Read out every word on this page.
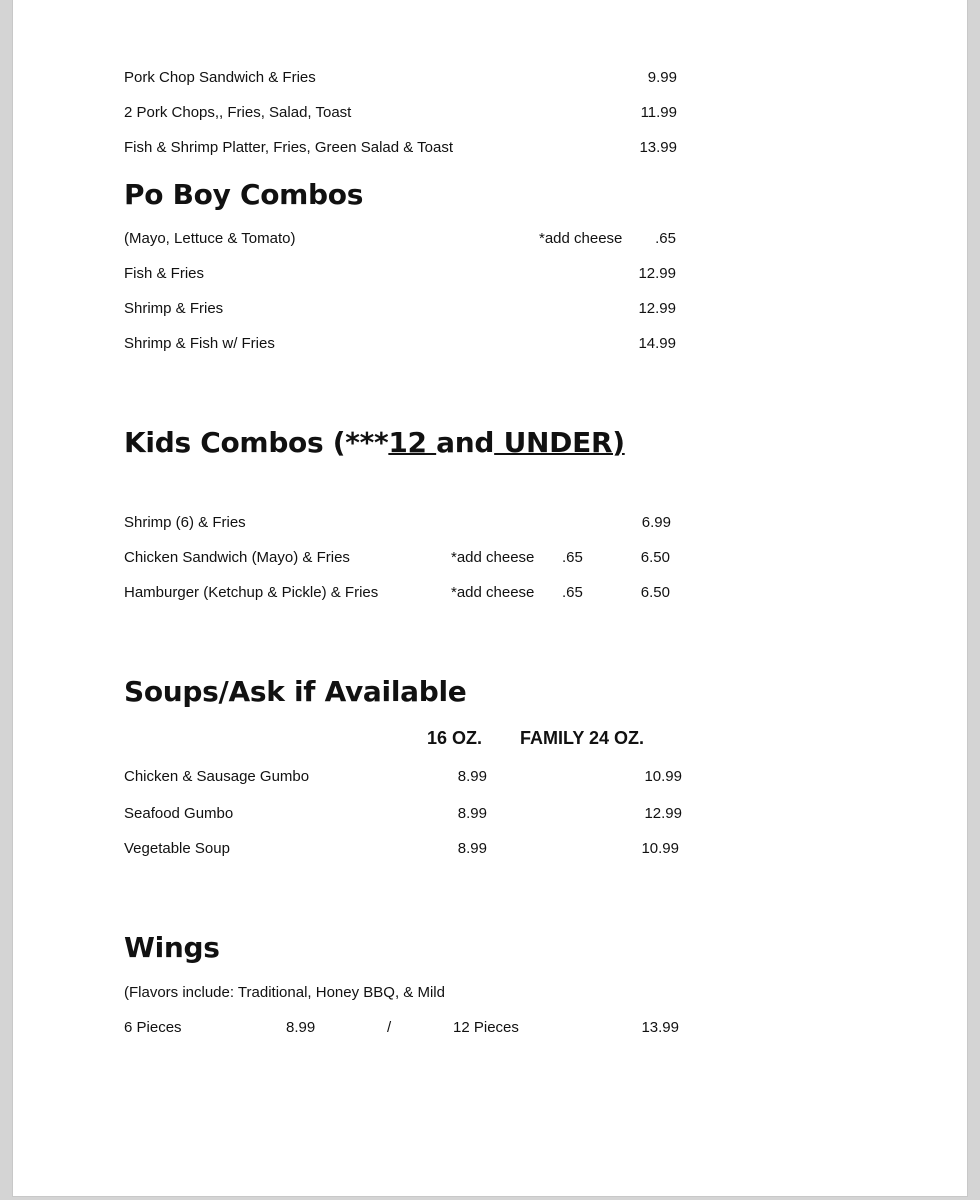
Pork Chop Sandwich & Fries	9.99
2 Pork Chops,, Fries, Salad, Toast	11.99
Fish & Shrimp Platter, Fries, Green Salad & Toast	13.99
Po Boy Combos
(Mayo, Lettuce & Tomato)	*add cheese	.65
Fish & Fries	12.99
Shrimp & Fries	12.99
Shrimp & Fish w/ Fries	14.99
Kids Combos (***12 and UNDER)
Shrimp (6) & Fries	6.99
Chicken Sandwich (Mayo) & Fries	*add cheese .65	6.50
Hamburger (Ketchup & Pickle) & Fries	*add cheese .65	6.50
Soups/Ask if Available
16 OZ. FAMILY 24 OZ.
Chicken & Sausage Gumbo	8.99	10.99
Seafood Gumbo	8.99	12.99
Vegetable Soup	8.99	10.99
Wings
(Flavors include: Traditional, Honey BBQ, & Mild
6 Pieces	8.99	/	12 Pieces	13.99
